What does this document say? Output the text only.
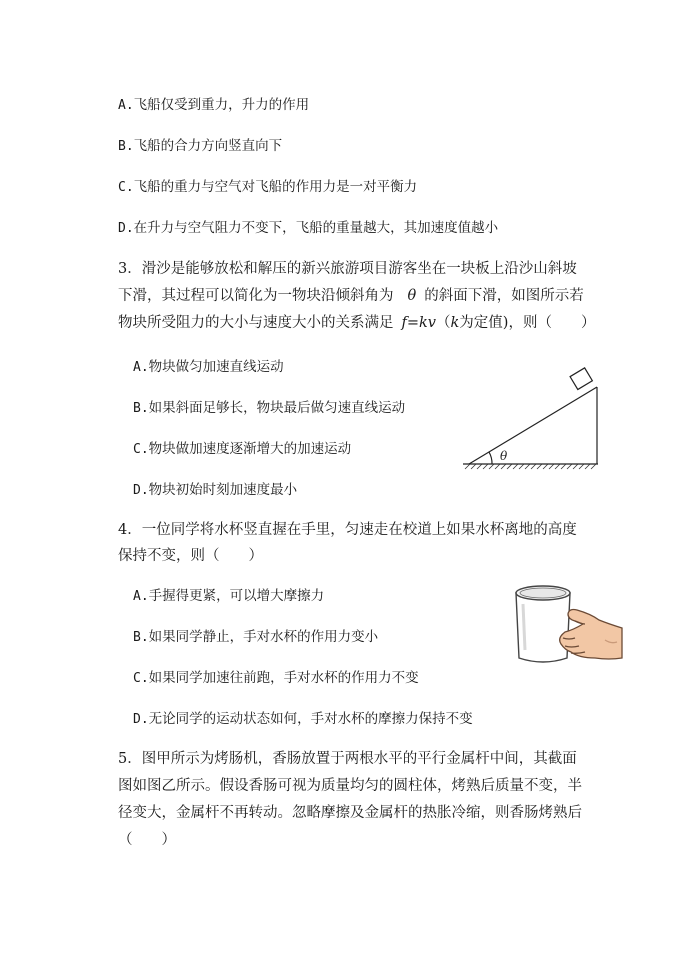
A.飞船仅受到重力，升力的作用
B.飞船的合力方向竖直向下
C.飞船的重力与空气对飞船的作用力是一对平衡力
D.在升力与空气阻力不变下，飞船的重量越大，其加速度值越小
3．滑沙是能够放松和解压的新兴旅游项目游客坐在一块板上沿沙山斜坡
下滑，其过程可以简化为一物块沿倾斜角为 θ 的斜面下滑，如图所示若
物块所受阻力的大小与速度大小的关系满足 f=kv（k为定值)，则（　　）
A.物块做匀加速直线运动
B.如果斜面足够长，物块最后做匀速直线运动
C.物块做加速度逐渐增大的加速运动
D.物块初始时刻加速度最小
θ
4．一位同学将水杯竖直握在手里，匀速走在校道上如果水杯离地的高度
保持不变，则（　　）
A.手握得更紧，可以增大摩擦力
B.如果同学静止，手对水杯的作用力变小
C.如果同学加速往前跑，手对水杯的作用力不变
D.无论同学的运动状态如何，手对水杯的摩擦力保持不变
5．图甲所示为烤肠机，香肠放置于两根水平的平行金属杆中间，其截面
图如图乙所示。假设香肠可视为质量均匀的圆柱体，烤熟后质量不变，半
径变大，金属杆不再转动。忽略摩擦及金属杆的热胀冷缩，则香肠烤熟后
（　　）
